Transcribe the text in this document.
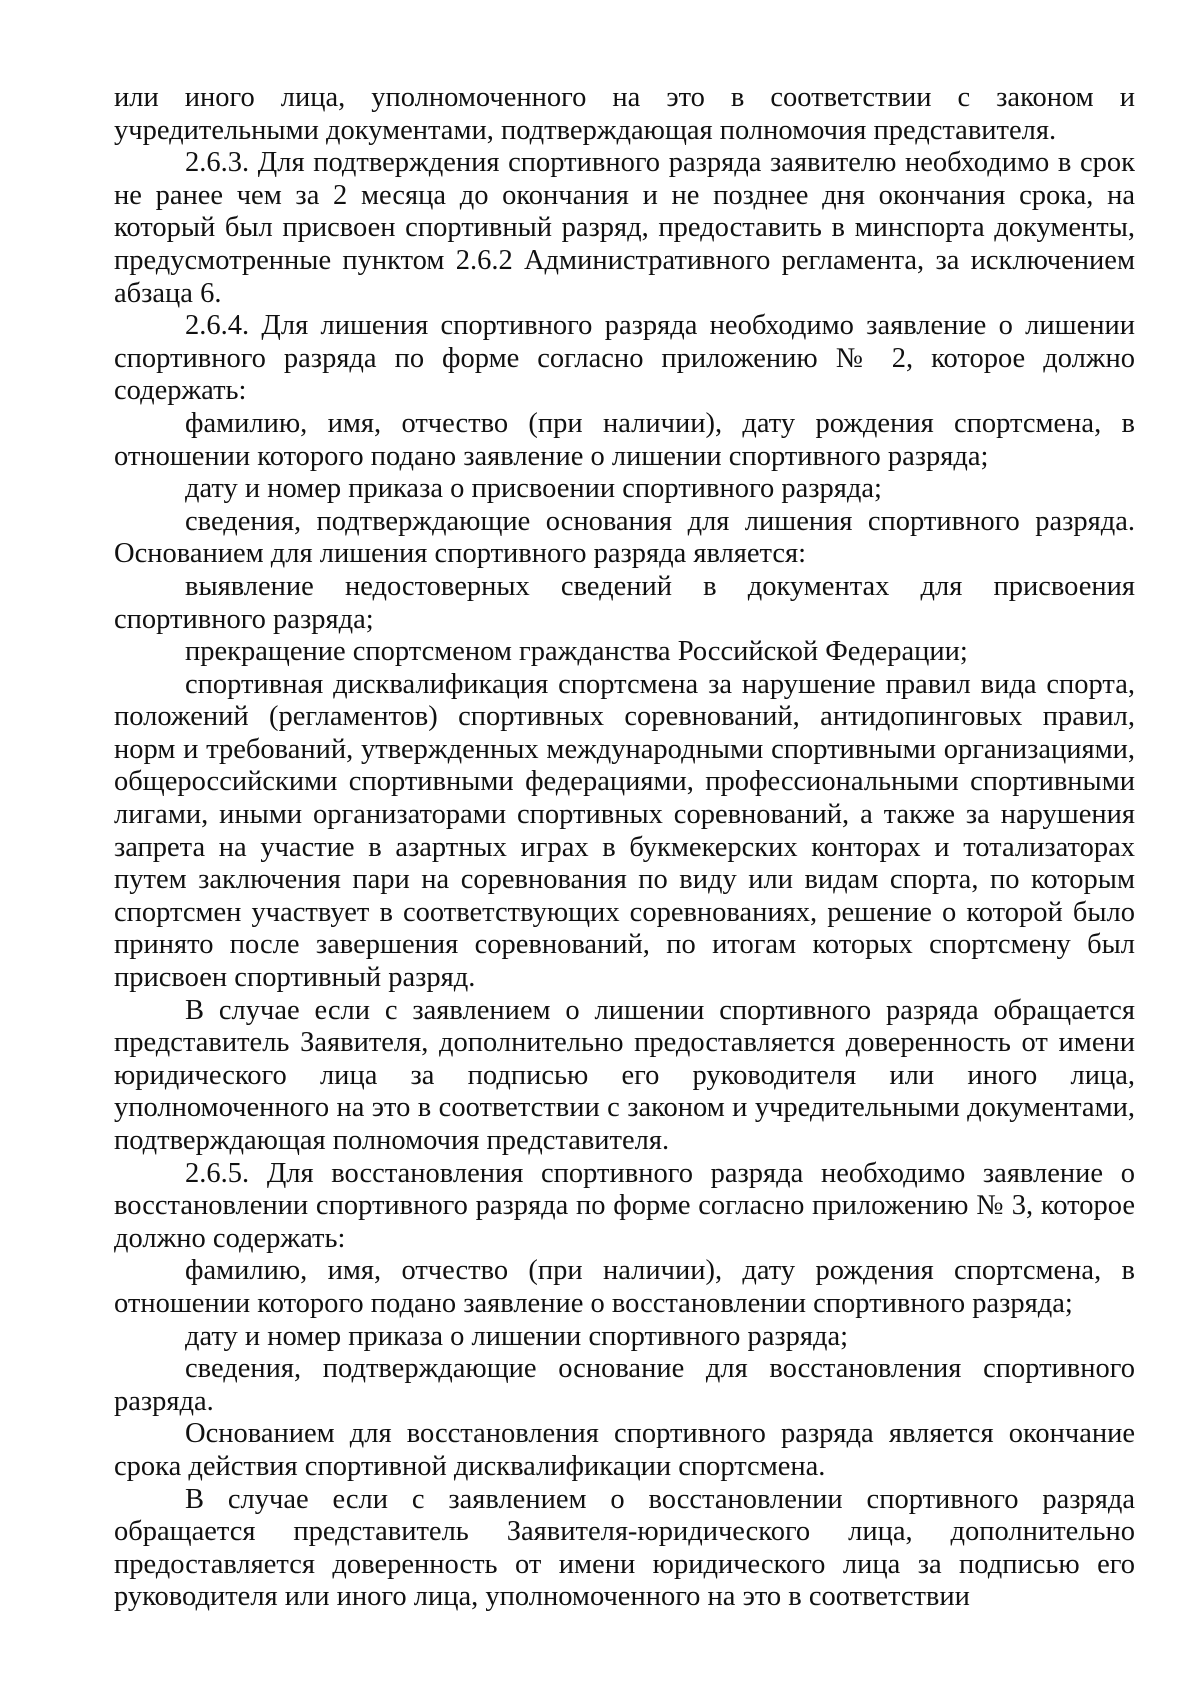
или иного лица, уполномоченного на это в соответствии с законом и учредительными документами, подтверждающая полномочия представителя.

2.6.3. Для подтверждения спортивного разряда заявителю необходимо в срок не ранее чем за 2 месяца до окончания и не позднее дня окончания срока, на который был присвоен спортивный разряд, предоставить в минспорта документы, предусмотренные пунктом 2.6.2 Административного регламента, за исключением абзаца 6.

2.6.4. Для лишения спортивного разряда необходимо заявление о лишении спортивного разряда по форме согласно приложению № 2, которое должно содержать:

фамилию, имя, отчество (при наличии), дату рождения спортсмена, в отношении которого подано заявление о лишении спортивного разряда;

дату и номер приказа о присвоении спортивного разряда;

сведения, подтверждающие основания для лишения спортивного разряда. Основанием для лишения спортивного разряда является:

выявление недостоверных сведений в документах для присвоения спортивного разряда;

прекращение спортсменом гражданства Российской Федерации;

спортивная дисквалификация спортсмена за нарушение правил вида спорта, положений (регламентов) спортивных соревнований, антидопинговых правил, норм и требований, утвержденных международными спортивными организациями, общероссийскими спортивными федерациями, профессиональными спортивными лигами, иными организаторами спортивных соревнований, а также за нарушения запрета на участие в азартных играх в букмекерских конторах и тотализаторах путем заключения пари на соревнования по виду или видам спорта, по которым спортсмен участвует в соответствующих соревнованиях, решение о которой было принято после завершения соревнований, по итогам которых спортсмену был присвоен спортивный разряд.

В случае если с заявлением о лишении спортивного разряда обращается представитель Заявителя, дополнительно предоставляется доверенность от имени юридического лица за подписью его руководителя или иного лица, уполномоченного на это в соответствии с законом и учредительными документами, подтверждающая полномочия представителя.

2.6.5. Для восстановления спортивного разряда необходимо заявление о восстановлении спортивного разряда по форме согласно приложению № 3, которое должно содержать:

фамилию, имя, отчество (при наличии), дату рождения спортсмена, в отношении которого подано заявление о восстановлении спортивного разряда;

дату и номер приказа о лишении спортивного разряда;

сведения, подтверждающие основание для восстановления спортивного разряда.

Основанием для восстановления спортивного разряда является окончание срока действия спортивной дисквалификации спортсмена.

В случае если с заявлением о восстановлении спортивного разряда обращается представитель Заявителя-юридического лица, дополнительно предоставляется доверенность от имени юридического лица за подписью его руководителя или иного лица, уполномоченного на это в соответствии
